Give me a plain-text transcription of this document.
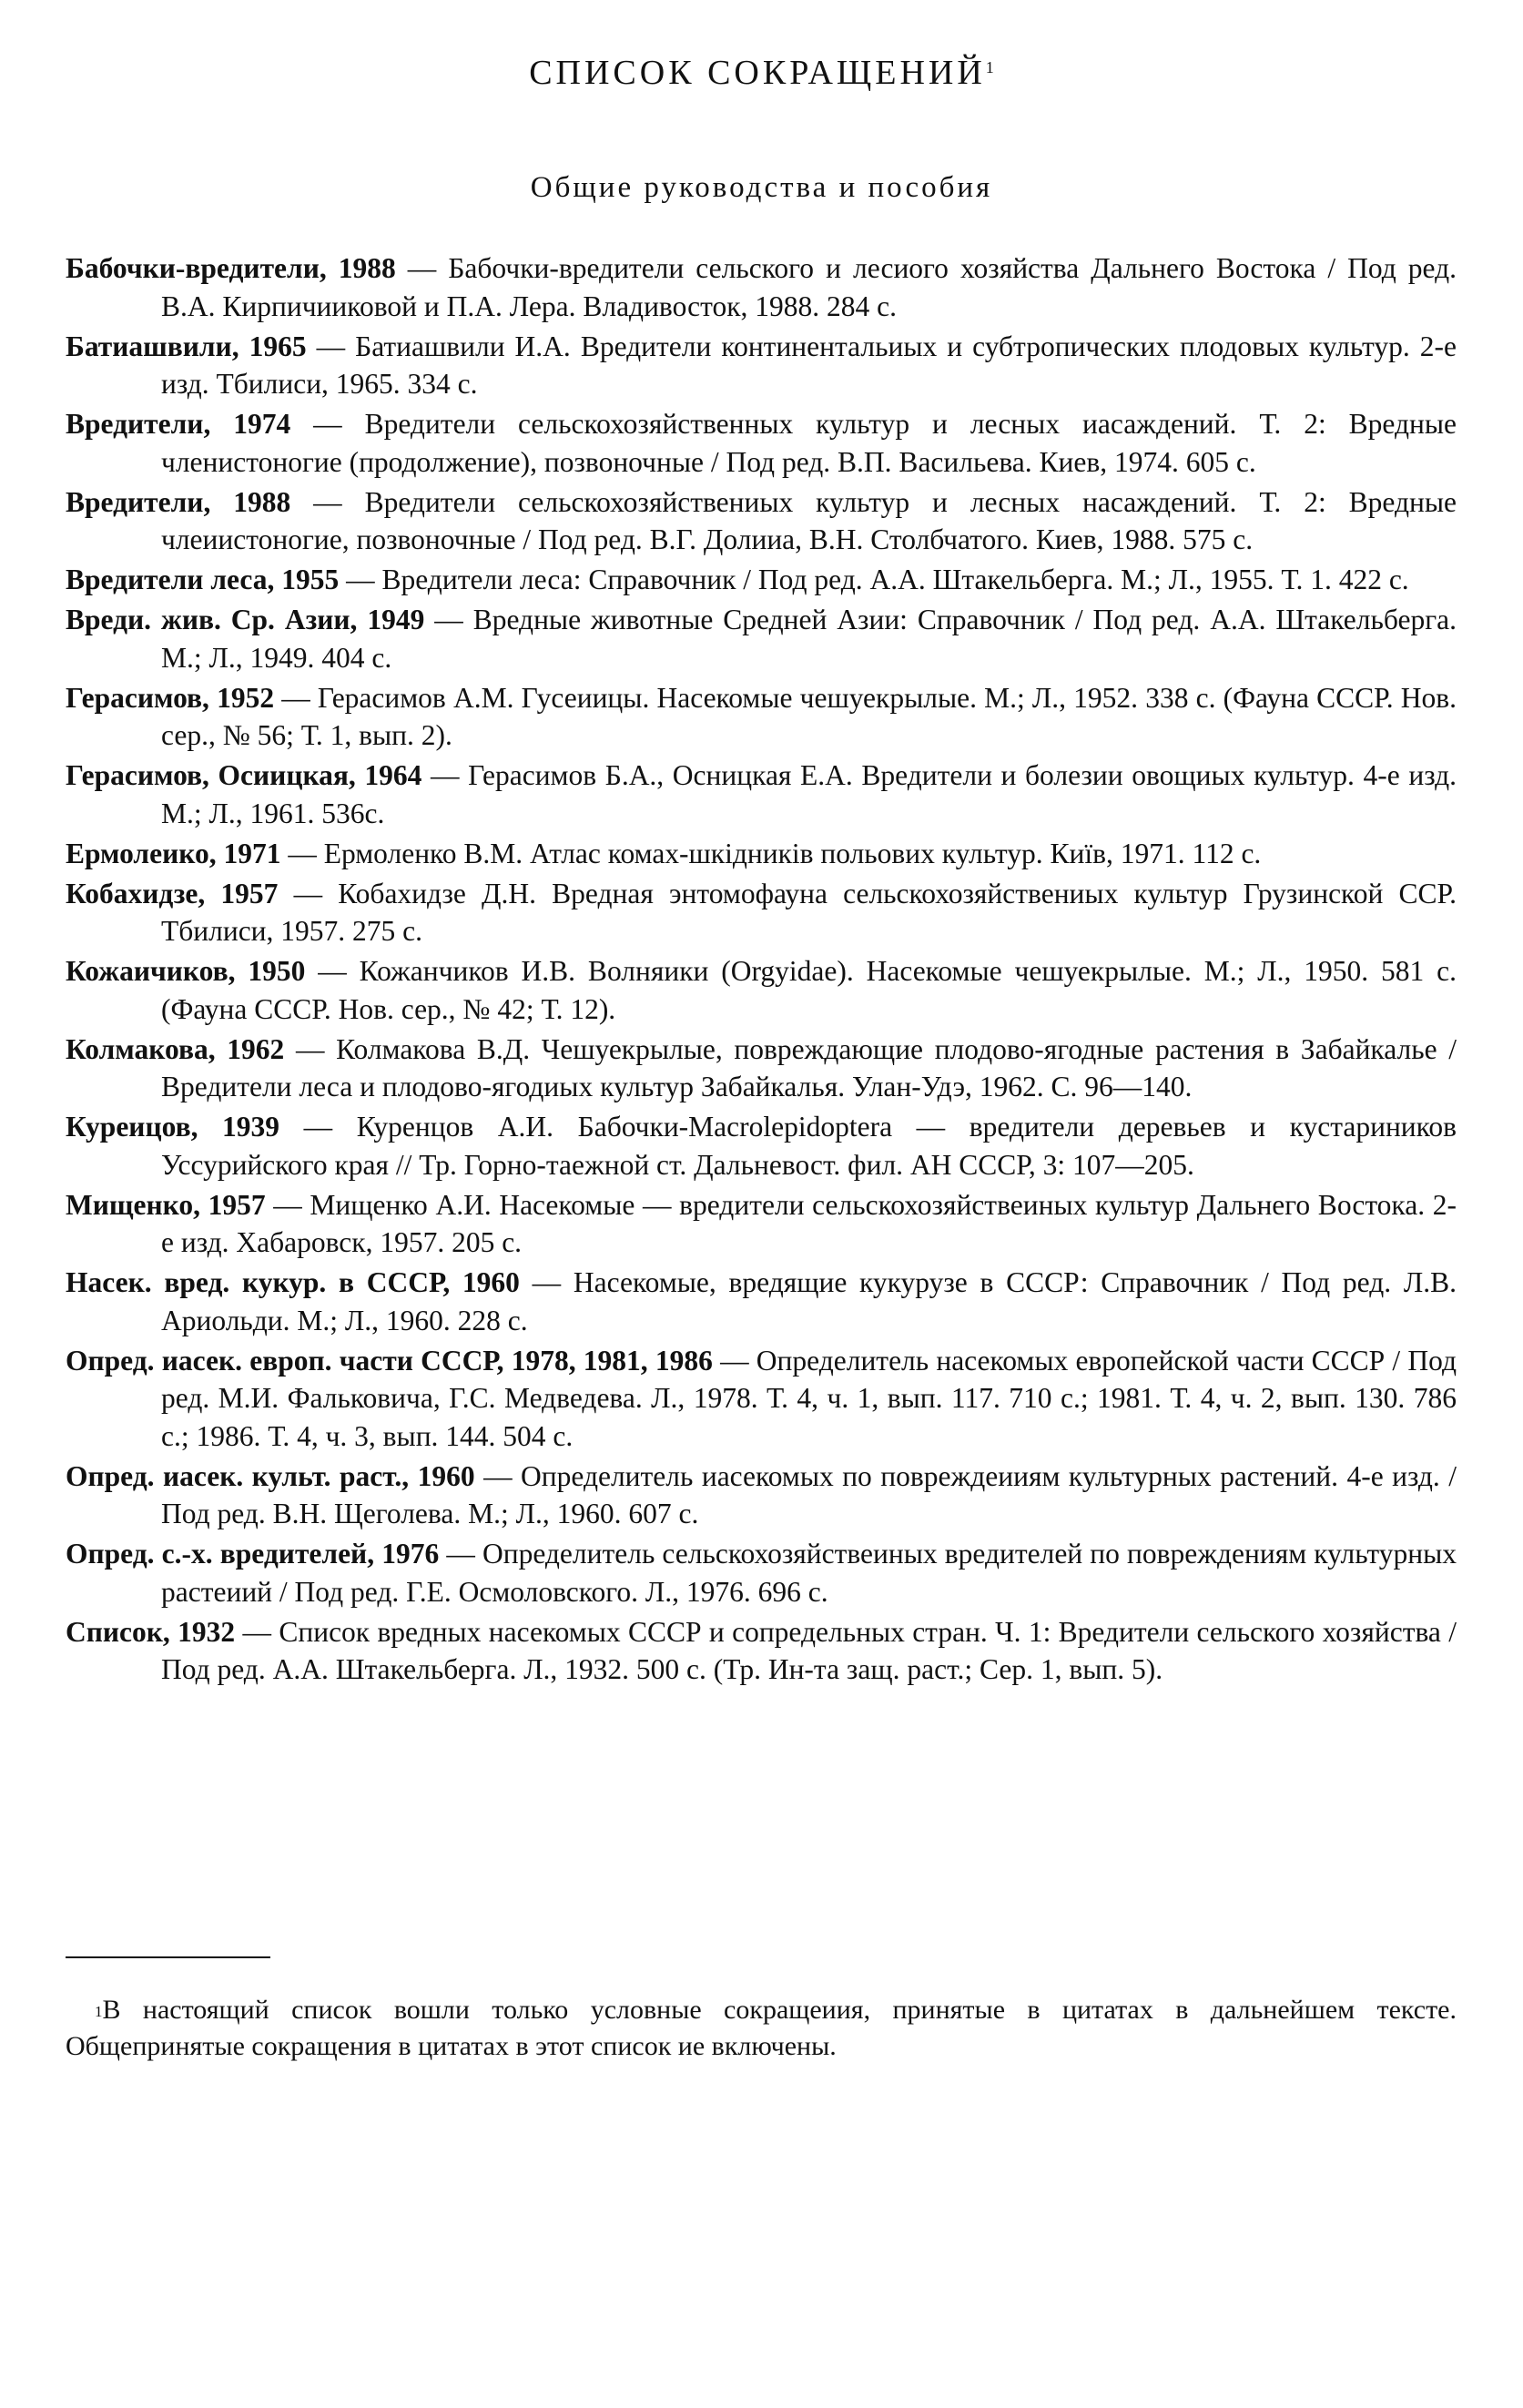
СПИСОК СОКРАЩЕНИЙ$^1$
Общие руководства и пособия

Бабочки-вредители, 1988 — Бабочки-вредители сельского и лесиого хозяйства Дальнего Востока / Под ред. В.А. Кирпичииковой и П.А. Лера. Владивосток, 1988. 284 с.

Батиашвили, 1965 — Батиашвили И.А. Вредители континентальиых и субтропических плодовых культур. 2-е изд. Тбилиси, 1965. 334 с.

Вредители, 1974 — Вредители сельскохозяйственных культур и лесных иасаждений. Т. 2: Вредные членистоногие (продолжение), позвоночные / Под ред. В.П. Васильева. Киев, 1974. 605 с.

Вредители, 1988 — Вредители сельскохозяйствениых культур и лесных насаждений. Т. 2: Вредные члеиистоногие, позвоночные / Под ред. В.Г. Долииа, В.Н. Столбчатого. Киев, 1988. 575 с.

Вредители леса, 1955 — Вредители леса: Справочник / Под ред. А.А. Штакельберга. М.; Л., 1955. Т. 1. 422 с.

Вреди. жив. Ср. Азии, 1949 — Вредные животные Средней Азии: Справочник / Под ред. А.А. Штакельберга. М.; Л., 1949. 404 с.

Герасимов, 1952 — Герасимов А.М. Гусеиицы. Насекомые чешуекрылые. М.; Л., 1952. 338 с. (Фауна СССР. Нов. сер., № 56; Т. 1, вып. 2).

Герасимов, Осиицкая, 1964 — Герасимов Б.А., Осницкая Е.А. Вредители и болезии овощиых культур. 4-е изд. М.; Л., 1961. 536с.

Ермолеико, 1971 — Ермоленко В.М. Атлас комах-шкідників польових культур. Київ, 1971. 112 с.

Кобахидзе, 1957 — Кобахидзе Д.Н. Вредная энтомофауна сельскохозяйствениых культур Грузинской ССР. Тбилиси, 1957. 275 с.

Кожаичиков, 1950 — Кожанчиков И.В. Волняики (Orgyidae). Насекомые чешуекрылые. М.; Л., 1950. 581 с. (Фауна СССР. Нов. сер., № 42; Т. 12).

Колмакова, 1962 — Колмакова В.Д. Чешуекрылые, повреждающие плодово-ягодные растения в Забайкалье / Вредители леса и плодово-ягодиых культур Забайкалья. Улан-Удэ, 1962. С. 96—140.

Куреицов, 1939 — Куренцов А.И. Бабочки-Macrolepidoptera — вредители деревьев и кустариников Уссурийского края // Тр. Горно-таежной ст. Дальневост. фил. АН СССР, 3: 107—205.

Мищенко, 1957 — Мищенко А.И. Насекомые — вредители сельскохозяйствеиных культур Дальнего Востока. 2-е изд. Хабаровск, 1957. 205 с.

Насек. вред. кукур. в СССР, 1960 — Насекомые, вредящие кукурузе в СССР: Справочник / Под ред. Л.В. Ариольди. М.; Л., 1960. 228 с.

Опред. иасек. европ. части СССР, 1978, 1981, 1986 — Определитель насекомых европейской части СССР / Под ред. М.И. Фальковича, Г.С. Медведева. Л., 1978. Т. 4, ч. 1, вып. 117. 710 с.; 1981. Т. 4, ч. 2, вып. 130. 786 с.; 1986. Т. 4, ч. 3, вып. 144. 504 с.

Опред. иасек. культ. раст., 1960 — Определитель иасекомых по повреждеииям культурных растений. 4-е изд. / Под ред. В.Н. Щеголева. М.; Л., 1960. 607 с.

Опред. с.-х. вредителей, 1976 — Определитель сельскохозяйствеиных вредителей по повреждениям культурных растеиий / Под ред. Г.Е. Осмоловского. Л., 1976. 696 с.

Список, 1932 — Список вредных насекомых СССР и сопредельных стран. Ч. 1: Вредители сельского хозяйства / Под ред. А.А. Штакельберга. Л., 1932. 500 с. (Тр. Ин-та защ. раст.; Сер. 1, вып. 5).

$^1$В настоящий список вошли только условные сокращеиия, принятые в цитатах в дальнейшем тексте. Общепринятые сокращения в цитатах в этот список ие включены.
